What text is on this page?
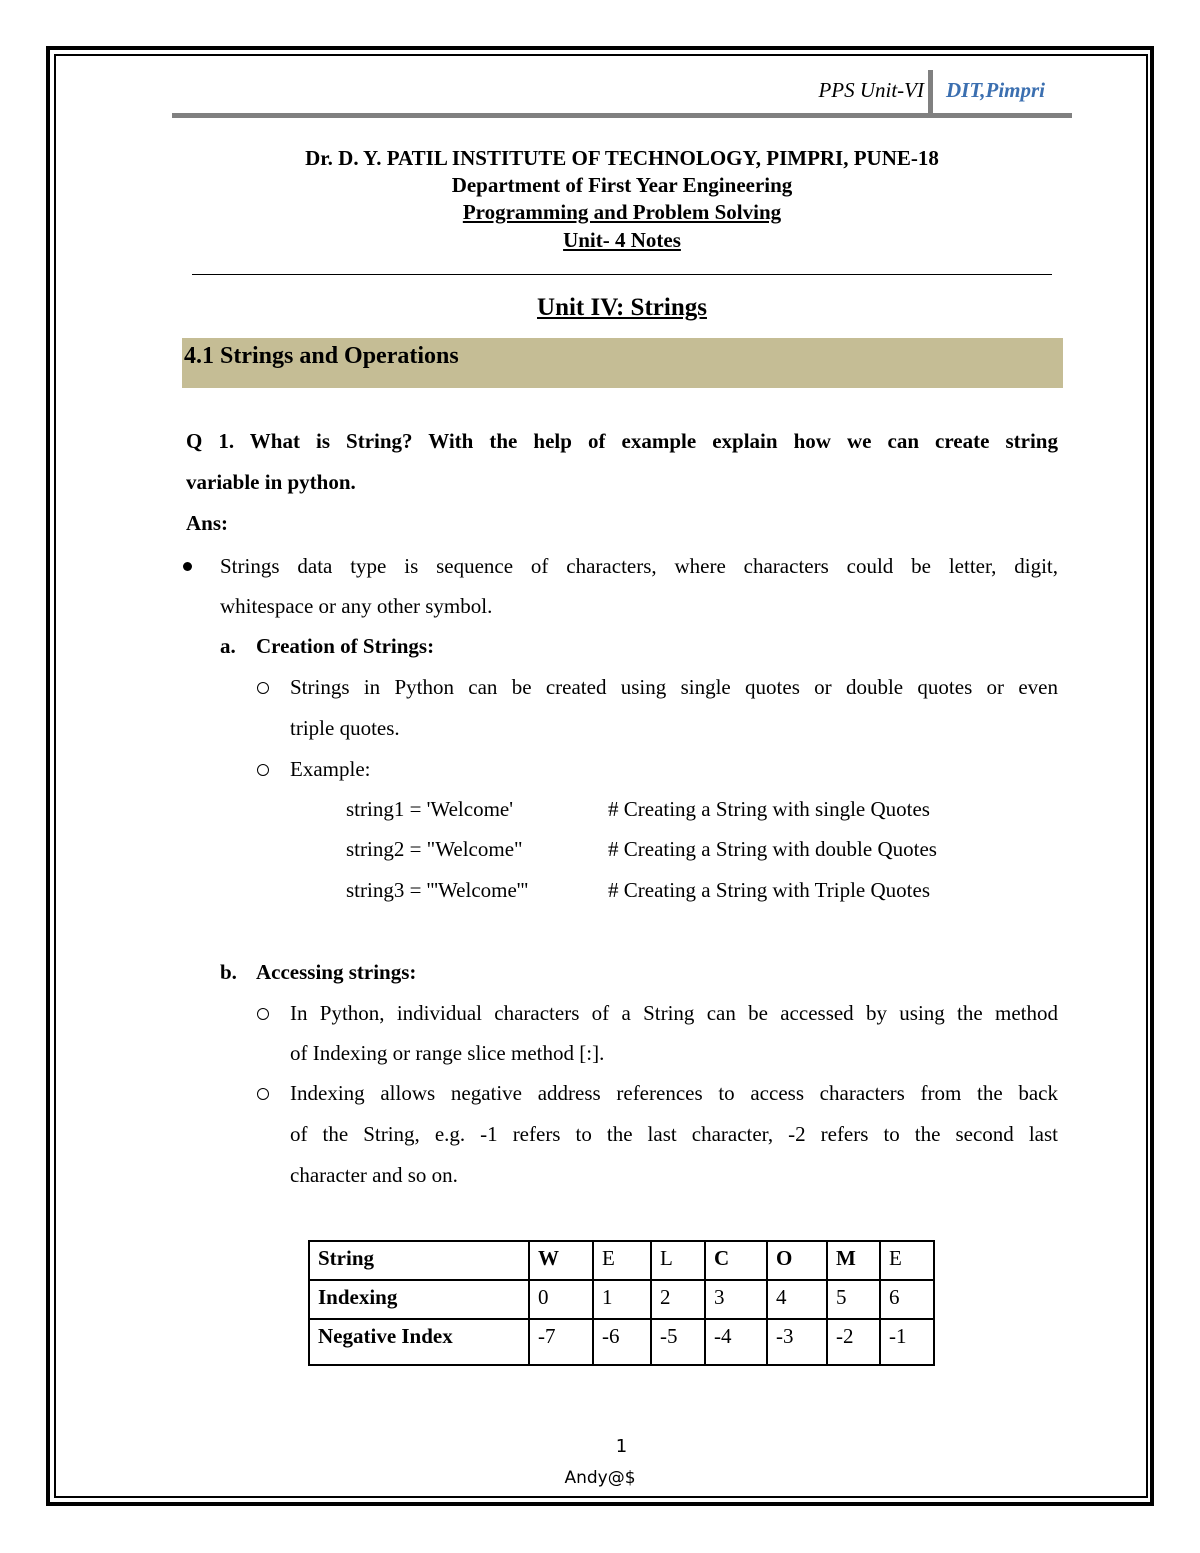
PPS Unit-VI DIT,Pimpri
Dr. D. Y. PATIL INSTITUTE OF TECHNOLOGY, PIMPRI, PUNE-18
Department of First Year Engineering
Programming and Problem Solving
Unit- 4 Notes
Unit IV: Strings
4.1 Strings and Operations
Q 1. What is String? With the help of example explain how we can create string
variable in python.
Ans:
Strings data type is sequence of characters, where characters could be letter, digit,
whitespace or any other symbol.
a. Creation of Strings:
Strings in Python can be created using single quotes or double quotes or even
triple quotes.
Example:
string1 = 'Welcome'	# Creating a String with single Quotes
string2 = "Welcome"	# Creating a String with double Quotes
string3 = '''Welcome'''	# Creating a String with Triple Quotes
b. Accessing strings:
In Python, individual characters of a String can be accessed by using the method
of Indexing or range slice method [:].
Indexing allows negative address references to access characters from the back
of the String, e.g. -1 refers to the last character, -2 refers to the second last
character and so on.
String	W	E	L	C	O	M	E
Indexing	0	1	2	3	4	5	6
Negative Index	-7	-6	-5	-4	-3	-2	-1
1
Andy@$
